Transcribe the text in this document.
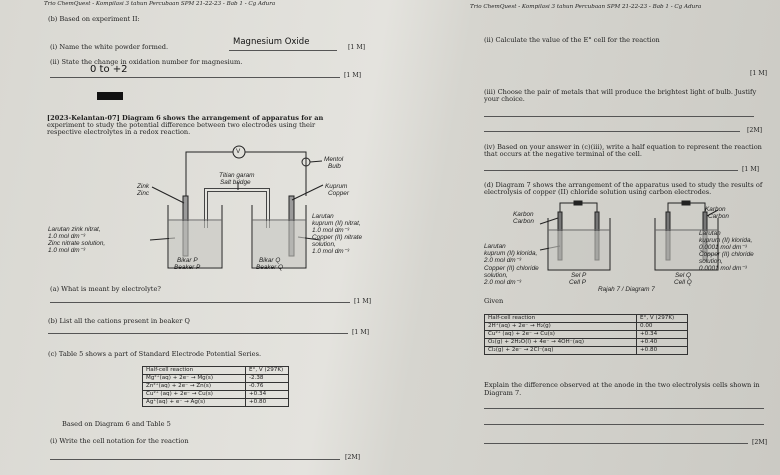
Trio ChemQuest - Kompilasi 3 tahun Percubaan SPM 21-22-23 - Bab 1 - Cg Adura	Trio ChemQuest - Kompilasi 3 tahun Percubaan SPM 21-22-23 - Bab 1 - Cg Adura
(b) Based on experiment II:
(i) Name the white powder formed.	Magnesium Oxide
[1 M]
(ii) State the change in oxidation number for magnesium.
0 to +2
[1 M]
[2023-Kelantan-07] Diagram 6 shows the arrangement of apparatus for an
experiment to study the potential difference between two electrodes using their
respective electrolytes in a redox reaction.
V
Mentol
Bulb
Titian garam
Salt bridge
Zink
Zinc
Kuprum
Copper
Larutan zink nitrat,
1.0 mol dm⁻³
Zinc nitrate solution,
1.0 mol dm⁻³
Larutan
kuprum (II) nitrat,
1.0 mol dm⁻³
Copper (II) nitrate
solution,
1.0 mol dm⁻³
Bikar P
Beaker P
Bikar Q
Beaker Q
(a) What is meant by electrolyte?
[1 M]
(b) List all the cations present in beaker Q
[1 M]
(c) Table 5 shows a part of Standard Electrode Potential Series.
Half-cell reaction	E°, V (297K)
Mg²⁺(aq) + 2e⁻ → Mg(s)	-2.38
Zn²⁺(aq) + 2e⁻ → Zn(s)	-0.76
Cu²⁺ (aq) + 2e⁻ → Cu(s)	+0.34
Ag⁺(aq) + e⁻ → Ag(s)	+0.80
Based on Diagram 6 and Table 5
(i) Write the cell notation for the reaction
[2M]
(ii) Calculate the value of the E° cell for the reaction
[1 M]
(iii) Choose the pair of metals that will produce the brightest light of bulb. Justify
your choice.
[2M]
(iv) Based on your answer in (c)(iii), write a half equation to represent the reaction
that occurs at the negative terminal of the cell.
[1 M]
(d) Diagram 7 shows the arrangement of the apparatus used to study the results of
electrolysis of copper (II) chloride solution using carbon electrodes.
Karbon
Carbon
Karbon
Carbon
Larutan
kuprum (II) klorida,
2.0 mol dm⁻³
Copper (II) chloride
solution,
2.0 mol dm⁻³
Larutan
kuprum (II) klorida,
0.0001 mol dm⁻³
Copper (II) chloride
solution,
0.0001 mol dm⁻³
Sel P
Cell P
Sel Q
Cell Q
Rajah 7 / Diagram 7
Given
Half-cell reaction	E°, V (297K)
2H⁺(aq) + 2e⁻ → H₂(g)	0.00
Cu²⁺ (aq) + 2e⁻ → Cu(s)	+0.34
O₂(g) + 2H₂O(l) + 4e⁻ → 4OH⁻(aq)	+0.40
Cl₂(g) + 2e⁻ → 2Cl⁻(aq)	+0.80
Explain the difference observed at the anode in the two electrolysis cells shown in
Diagram 7.
[2M]
